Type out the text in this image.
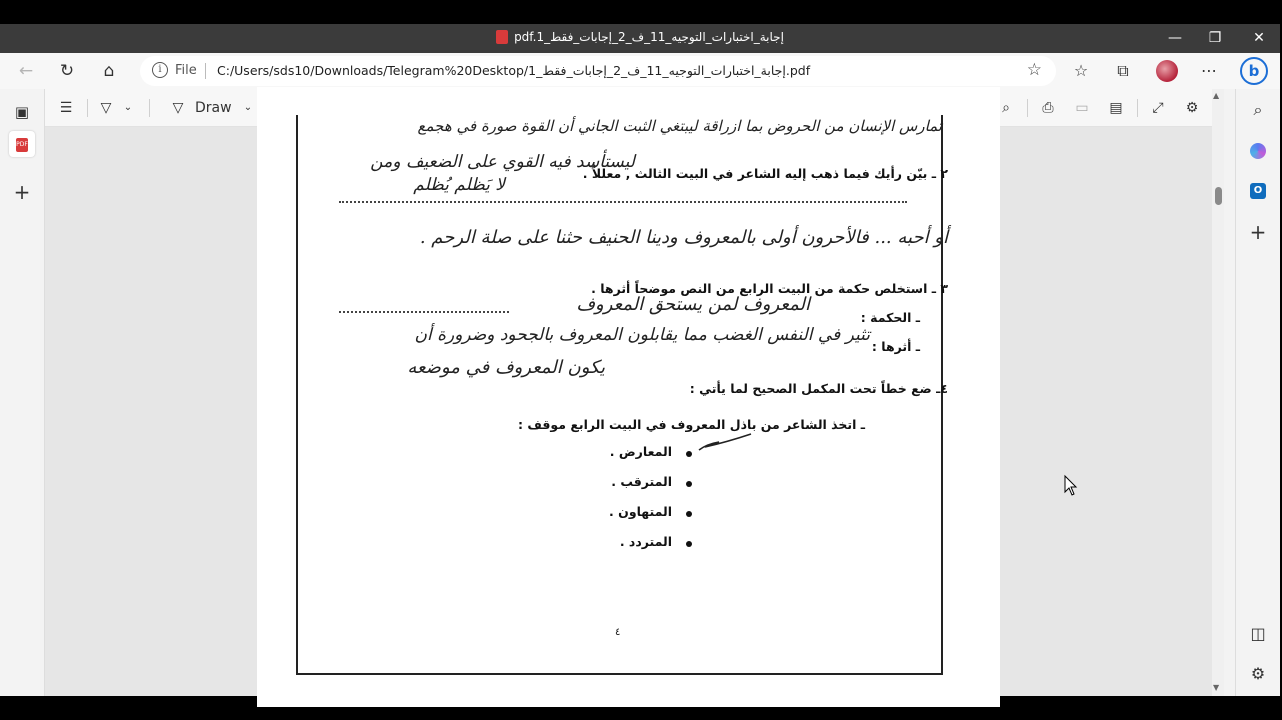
pdf.1_إجابة_اختبارات_التوجيه_11_ف_2_إجابات_فقط	—	❐	✕
←	↻	⌂	i	File C:/Users/sds10/Downloads/Telegram%20Desktop/1_إجابة_اختبارات_التوجيه_11_ف_2_إجابات_فقط.pdf	☆ ☆	⧉	⋯	b
▣
PDF
+
☰	▽	⌄	▽ Draw	⌄	⌕	⎙	▭	▤	⤢	⚙	⌕
O
+
◫
⚙
تمارس الإنسان من الحروض بما ازراقة ليبتغي الثبت الجاني أن القوة صورة في هجمع
٢ ـ بيّن رأيك فيما ذهب إليه الشاعر في البيت الثالث , معللاً .
ليستأسد فيه القوي على الضعيف ومن
لا يَظلم يُظلم
أو أحبه ... فالأحرون أولى بالمعروف ودينا الحنيف حثنا على صلة الرحم .
٣ ـ استخلص حكمة من البيت الرابع من النص موضحاً أثرها .
ـ الحكمة :
المعروف لمن يستحق المعروف
ـ أثرها :
تثير في النفس الغضب مما يقابلون المعروف بالجحود وضرورة أن
يكون المعروف في موضعه
٤ـ ضع خطاً تحت المكمل الصحيح لما يأتي :
ـ اتخذ الشاعر من باذل المعروف في البيت الرابع موقف :
المعارض .
المترقب .
المتهاون .
المتردد .
٤
▲
▼
